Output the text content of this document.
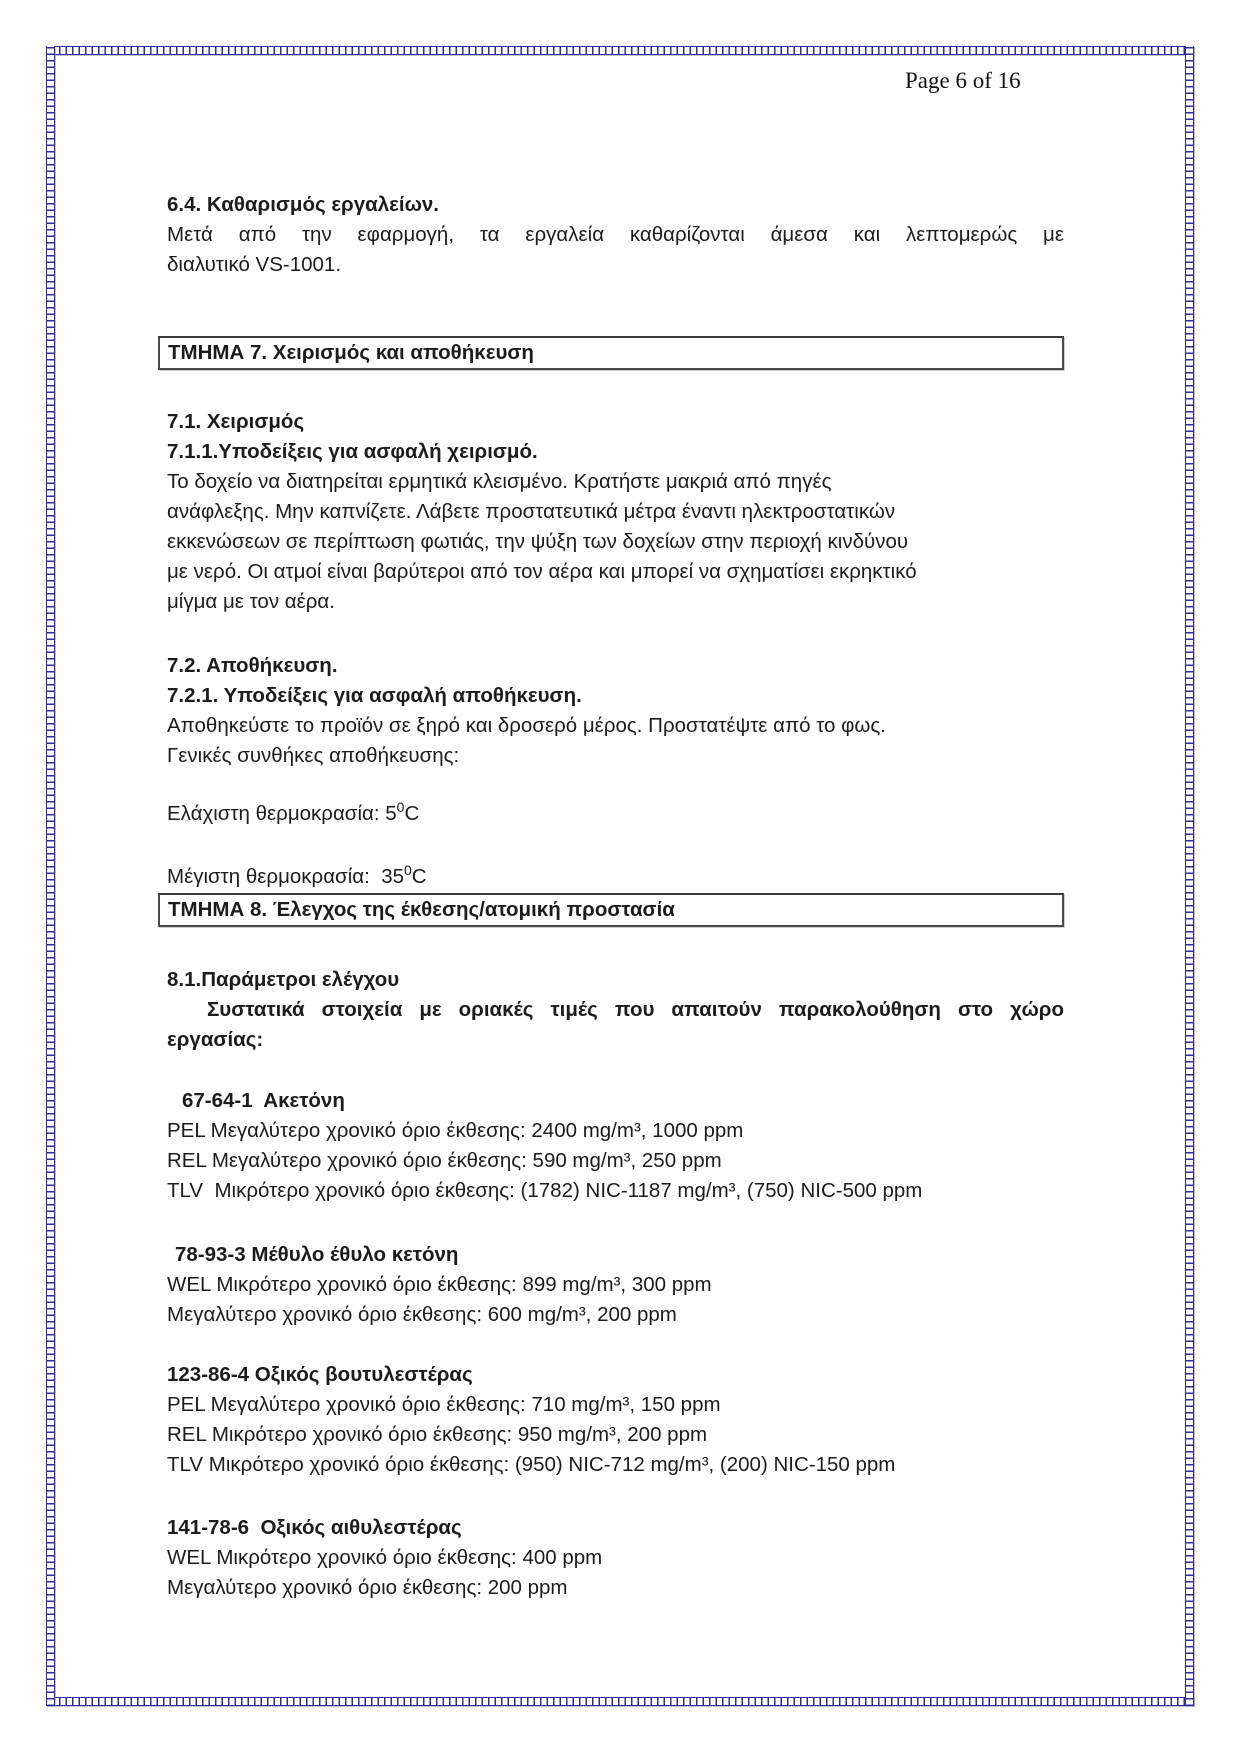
Page 6 of 16
6.4. Καθαρισμός εργαλείων.
Μετά από την εφαρμογή, τα εργαλεία καθαρίζονται άμεσα και λεπτομερώς με
διαλυτικό VS-1001.
ΤΜΗΜΑ 7. Χειρισμός και αποθήκευση
7.1. Χειρισμός
7.1.1.Υποδείξεις για ασφαλή χειρισμό.
Το δοχείο να διατηρείται ερμητικά κλεισμένο. Κρατήστε μακριά από πηγές
ανάφλεξης. Μην καπνίζετε. Λάβετε προστατευτικά μέτρα έναντι ηλεκτροστατικών
εκκενώσεων σε περίπτωση φωτιάς, την ψύξη των δοχείων στην περιοχή κινδύνου
με νερό. Οι ατμοί είναι βαρύτεροι από τον αέρα και μπορεί να σχηματίσει εκρηκτικό
μίγμα με τον αέρα.
7.2. Αποθήκευση.
7.2.1. Υποδείξεις για ασφαλή αποθήκευση.
Αποθηκεύστε το προϊόν σε ξηρό και δροσερό μέρος. Προστατέψτε από το φως.
Γενικές συνθήκες αποθήκευσης:
Ελάχιστη θερμοκρασία: $5^0C$
Μέγιστη θερμοκρασία:  $35^0C$
ΤΜΗΜΑ 8. Έλεγχος της έκθεσης/ατομική προστασία
8.1.Παράμετροι ελέγχου
Συστατικά στοιχεία με οριακές τιμές που απαιτούν παρακολούθηση στο χώρο
εργασίας:
67-64-1  Ακετόνη
PEL Μεγαλύτερο χρονικό όριο έκθεσης: 2400 mg/m³, 1000 ppm
REL Μεγαλύτερο χρονικό όριο έκθεσης: 590 mg/m³, 250 ppm
TLV  Μικρότερο χρονικό όριο έκθεσης: (1782) NIC-1187 mg/m³, (750) NIC-500 ppm
78-93-3 Μέθυλο έθυλο κετόνη
WEL Μικρότερο χρονικό όριο έκθεσης: 899 mg/m³, 300 ppm
Μεγαλύτερο χρονικό όριο έκθεσης: 600 mg/m³, 200 ppm
123-86-4 Οξικός βουτυλεστέρας
PEL Μεγαλύτερο χρονικό όριο έκθεσης: 710 mg/m³, 150 ppm
REL Μικρότερο χρονικό όριο έκθεσης: 950 mg/m³, 200 ppm
TLV Μικρότερο χρονικό όριο έκθεσης: (950) NIC-712 mg/m³, (200) NIC-150 ppm
141-78-6  Οξικός αιθυλεστέρας
WEL Μικρότερο χρονικό όριο έκθεσης: 400 ppm
Μεγαλύτερο χρονικό όριο έκθεσης: 200 ppm
